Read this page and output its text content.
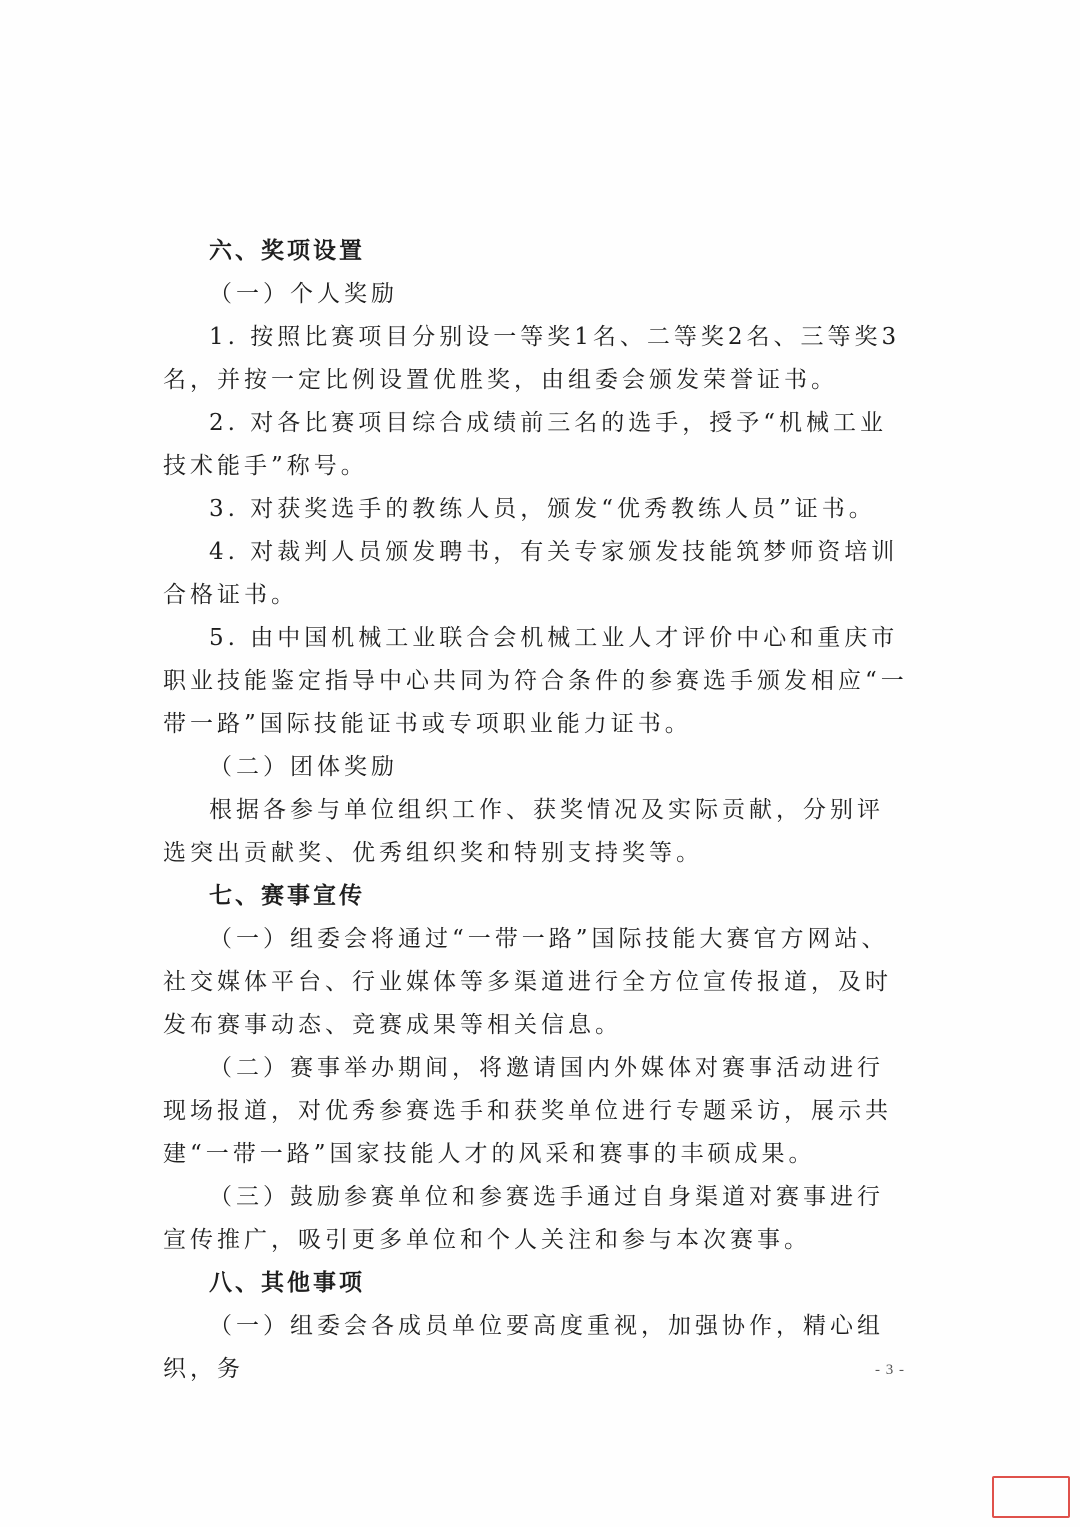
六、奖项设置

（一）个人奖励

1. 按照比赛项目分别设一等奖1名、二等奖2名、三等奖3名，并按一定比例设置优胜奖，由组委会颁发荣誉证书。

2. 对各比赛项目综合成绩前三名的选手，授予“机械工业技术能手”称号。

3. 对获奖选手的教练人员，颁发“优秀教练人员”证书。

4. 对裁判人员颁发聘书，有关专家颁发技能筑梦师资培训合格证书。

5. 由中国机械工业联合会机械工业人才评价中心和重庆市职业技能鉴定指导中心共同为符合条件的参赛选手颁发相应“一带一路”国际技能证书或专项职业能力证书。

（二）团体奖励

根据各参与单位组织工作、获奖情况及实际贡献，分别评选突出贡献奖、优秀组织奖和特别支持奖等。

七、赛事宣传

（一）组委会将通过“一带一路”国际技能大赛官方网站、社交媒体平台、行业媒体等多渠道进行全方位宣传报道，及时发布赛事动态、竞赛成果等相关信息。

（二）赛事举办期间，将邀请国内外媒体对赛事活动进行现场报道，对优秀参赛选手和获奖单位进行专题采访，展示共建“一带一路”国家技能人才的风采和赛事的丰硕成果。

（三）鼓励参赛单位和参赛选手通过自身渠道对赛事进行宣传推广，吸引更多单位和个人关注和参与本次赛事。

八、其他事项

（一）组委会各成员单位要高度重视，加强协作，精心组织，务	- 3 -
